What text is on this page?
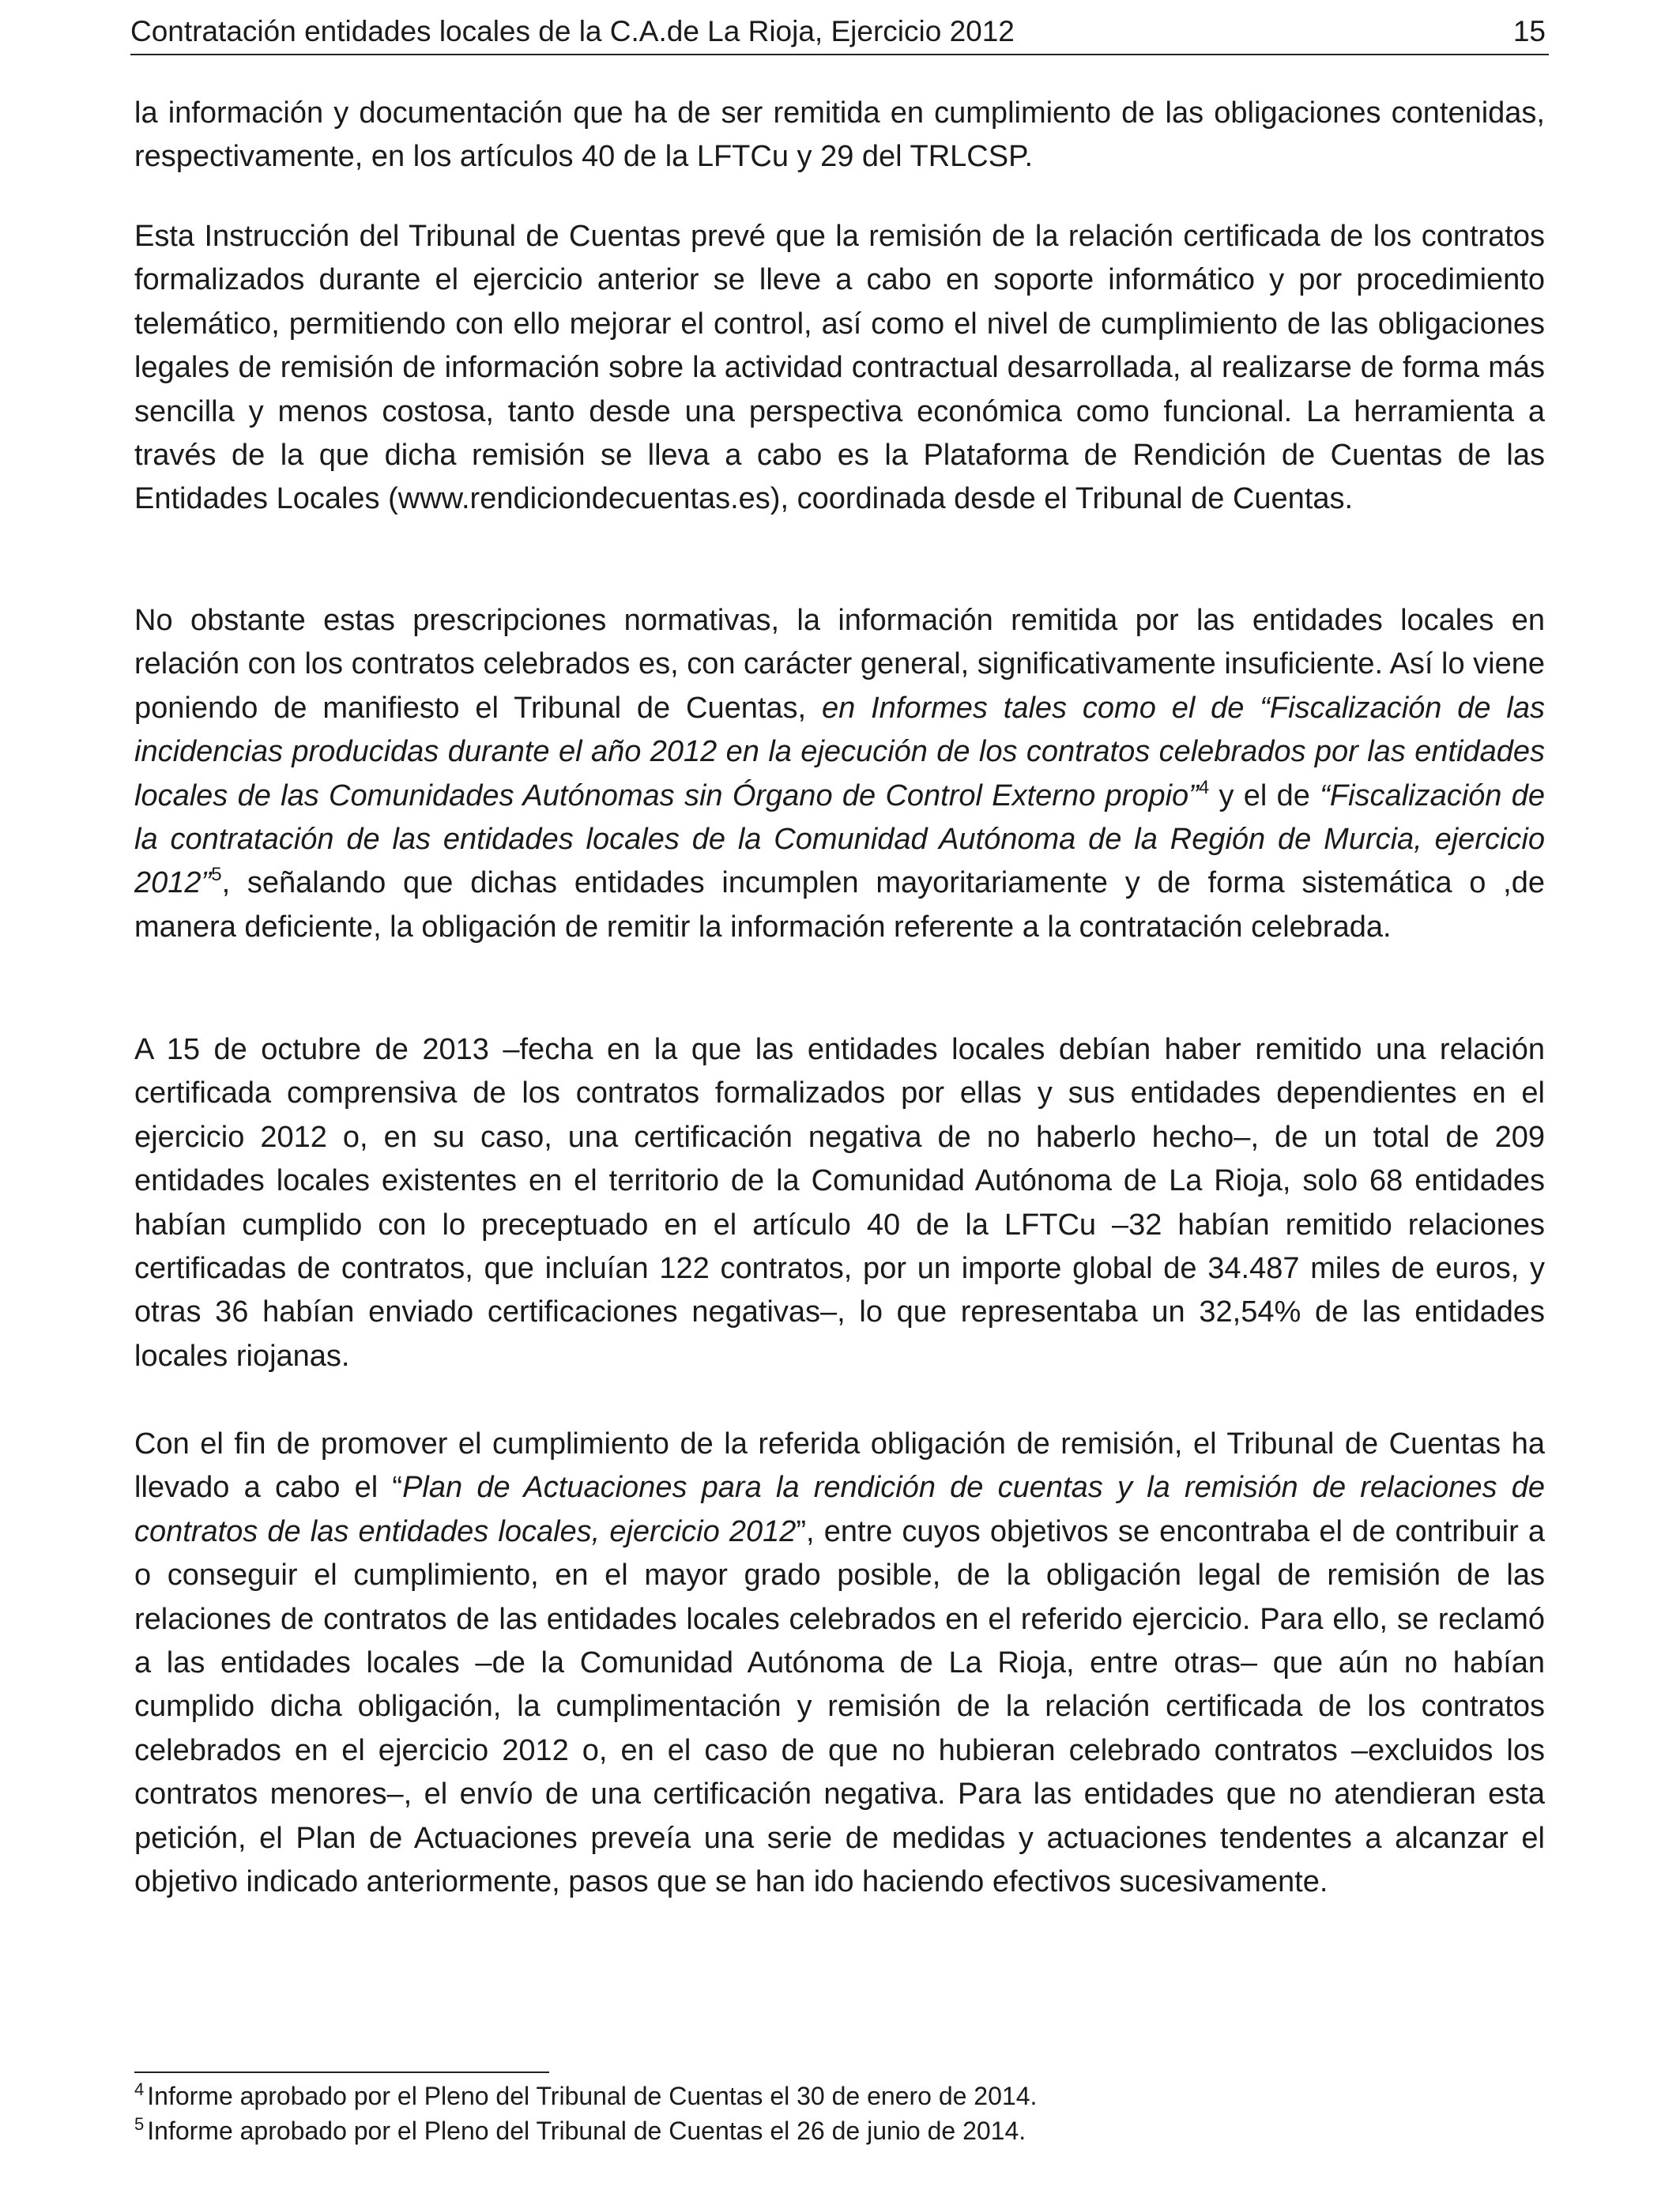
Contratación entidades locales de la C.A.de La Rioja, Ejercicio 2012	15

la información y documentación que ha de ser remitida en cumplimiento de las obligaciones contenidas, respectivamente, en los artículos 40 de la LFTCu y 29 del TRLCSP.

Esta Instrucción del Tribunal de Cuentas prevé que la remisión de la relación certificada de los contratos formalizados durante el ejercicio anterior se lleve a cabo en soporte informático y por procedimiento telemático, permitiendo con ello mejorar el control, así como el nivel de cumplimiento de las obligaciones legales de remisión de información sobre la actividad contractual desarrollada, al realizarse de forma más sencilla y menos costosa, tanto desde una perspectiva económica como funcional. La herramienta a través de la que dicha remisión se lleva a cabo es la Plataforma de Rendición de Cuentas de las Entidades Locales (www.rendiciondecuentas.es), coordinada desde el Tribunal de Cuentas.

No obstante estas prescripciones normativas, la información remitida por las entidades locales en relación con los contratos celebrados es, con carácter general, significativamente insuficiente. Así lo viene poniendo de manifiesto el Tribunal de Cuentas, en Informes tales como el de “Fiscalización de las incidencias producidas durante el año 2012 en la ejecución de los contratos celebrados por las entidades locales de las Comunidades Autónomas sin Órgano de Control Externo propio”$^4$ y el de “Fiscalización de la contratación de las entidades locales de la Comunidad Autónoma de la Región de Murcia, ejercicio 2012”$^5$, señalando que dichas entidades incumplen mayoritariamente y de forma sistemática o ,de manera deficiente, la obligación de remitir la información referente a la contratación celebrada.

A 15 de octubre de 2013 –fecha en la que las entidades locales debían haber remitido una relación certificada comprensiva de los contratos formalizados por ellas y sus entidades dependientes en el ejercicio 2012 o, en su caso, una certificación negativa de no haberlo hecho–, de un total de 209 entidades locales existentes en el territorio de la Comunidad Autónoma de La Rioja, solo 68 entidades habían cumplido con lo preceptuado en el artículo 40 de la LFTCu –32 habían remitido relaciones certificadas de contratos, que incluían 122 contratos, por un importe global de 34.487 miles de euros, y otras 36 habían enviado certificaciones negativas–, lo que representaba un 32,54% de las entidades locales riojanas.

Con el fin de promover el cumplimiento de la referida obligación de remisión, el Tribunal de Cuentas ha llevado a cabo el “Plan de Actuaciones para la rendición de cuentas y la remisión de relaciones de contratos de las entidades locales, ejercicio 2012”, entre cuyos objetivos se encontraba el de contribuir a o conseguir el cumplimiento, en el mayor grado posible, de la obligación legal de remisión de las relaciones de contratos de las entidades locales celebrados en el referido ejercicio. Para ello, se reclamó a las entidades locales –de la Comunidad Autónoma de La Rioja, entre otras– que aún no habían cumplido dicha obligación, la cumplimentación y remisión de la relación certificada de los contratos celebrados en el ejercicio 2012 o, en el caso de que no hubieran celebrado contratos –excluidos los contratos menores–, el envío de una certificación negativa. Para las entidades que no atendieran esta petición, el Plan de Actuaciones preveía una serie de medidas y actuaciones tendentes a alcanzar el objetivo indicado anteriormente, pasos que se han ido haciendo efectivos sucesivamente.

$^4$ Informe aprobado por el Pleno del Tribunal de Cuentas el 30 de enero de 2014.

$^5$ Informe aprobado por el Pleno del Tribunal de Cuentas el 26 de junio de 2014.
